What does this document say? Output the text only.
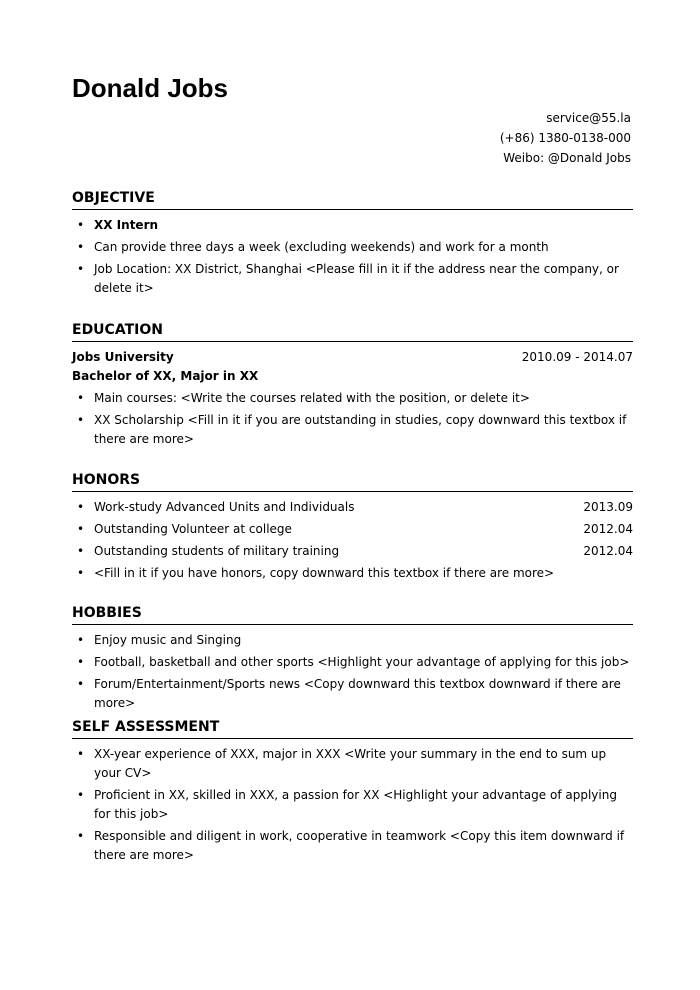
Donald Jobs
service@55.la
(+86) 1380-0138-000
Weibo: @Donald Jobs
OBJECTIVE
• XX Intern
• Can provide three days a week (excluding weekends) and work for a month
• Job Location: XX District, Shanghai <Please fill in it if the address near the company, or delete it>
EDUCATION
Jobs University	2010.09 - 2014.07
Bachelor of XX, Major in XX
• Main courses: <Write the courses related with the position, or delete it>
• XX Scholarship <Fill in it if you are outstanding in studies, copy downward this textbox if there are more>
HONORS
• Work-study Advanced Units and Individuals	2013.09
• Outstanding Volunteer at college	2012.04
• Outstanding students of military training	2012.04
• <Fill in it if you have honors, copy downward this textbox if there are more>
HOBBIES
• Enjoy music and Singing
• Football, basketball and other sports <Highlight your advantage of applying for this job>
• Forum/Entertainment/Sports news <Copy downward this textbox downward if there are more>
SELF ASSESSMENT
• XX-year experience of XXX, major in XXX <Write your summary in the end to sum up your CV>
• Proficient in XX, skilled in XXX, a passion for XX <Highlight your advantage of applying for this job>
• Responsible and diligent in work, cooperative in teamwork <Copy this item downward if there are more>
